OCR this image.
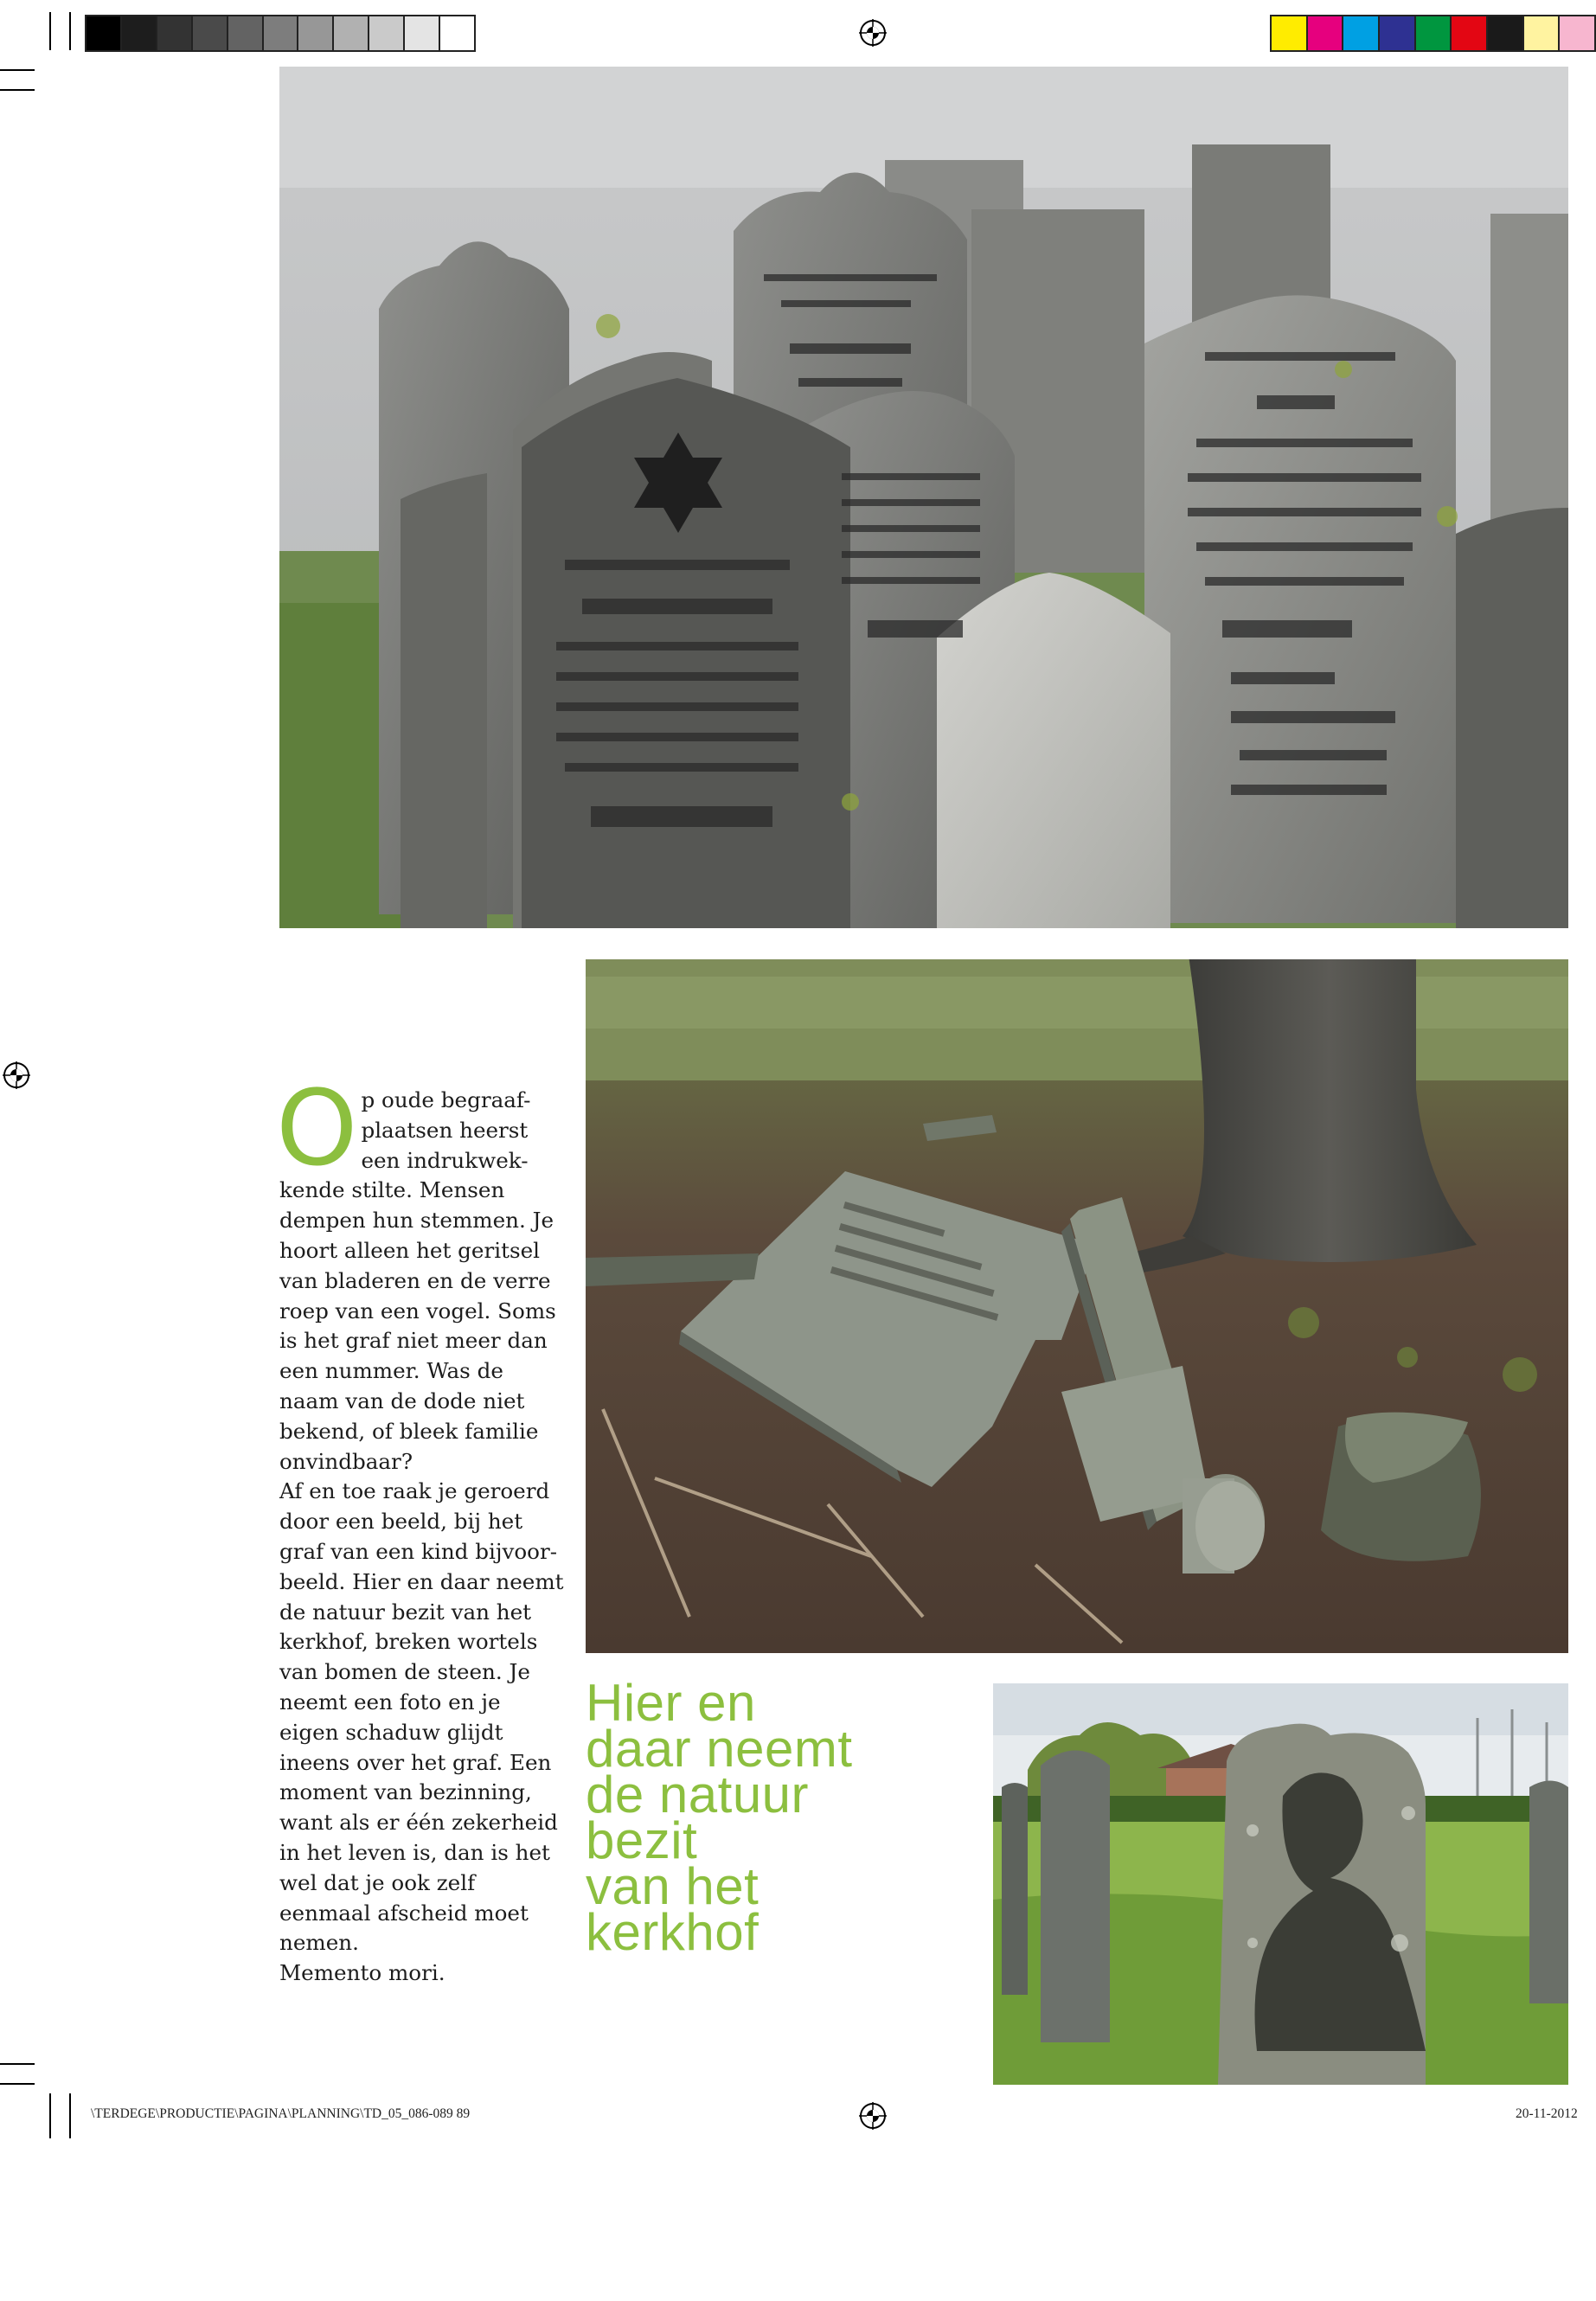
Op oude begraaf-plaatsen heerst een indrukwek-kende stilte. Mensen dempen hun stemmen. Je hoort alleen het geritsel van bladeren en de verre roep van een vogel. Soms is het graf niet meer dan een nummer. Was de naam van de dode niet bekend, of bleek familie onvindbaar?

Af en toe raak je geroerd door een beeld, bij het graf van een kind bijvoor-beeld. Hier en daar neemt de natuur bezit van het kerkhof, breken wortels van bomen de steen. Je neemt een foto en je eigen schaduw glijdt ineens over het graf. Een moment van bezinning, want als er één zekerheid in het leven is, dan is het wel dat je ook zelf eenmaal afscheid moet nemen.

Memento mori.

Hier en
daar neemt
de natuur
bezit
van het
kerkhof
\TERDEGE\PRODUCTIE\PAGINA\PLANNING\TD_05_086-089 89	20-11-2012
